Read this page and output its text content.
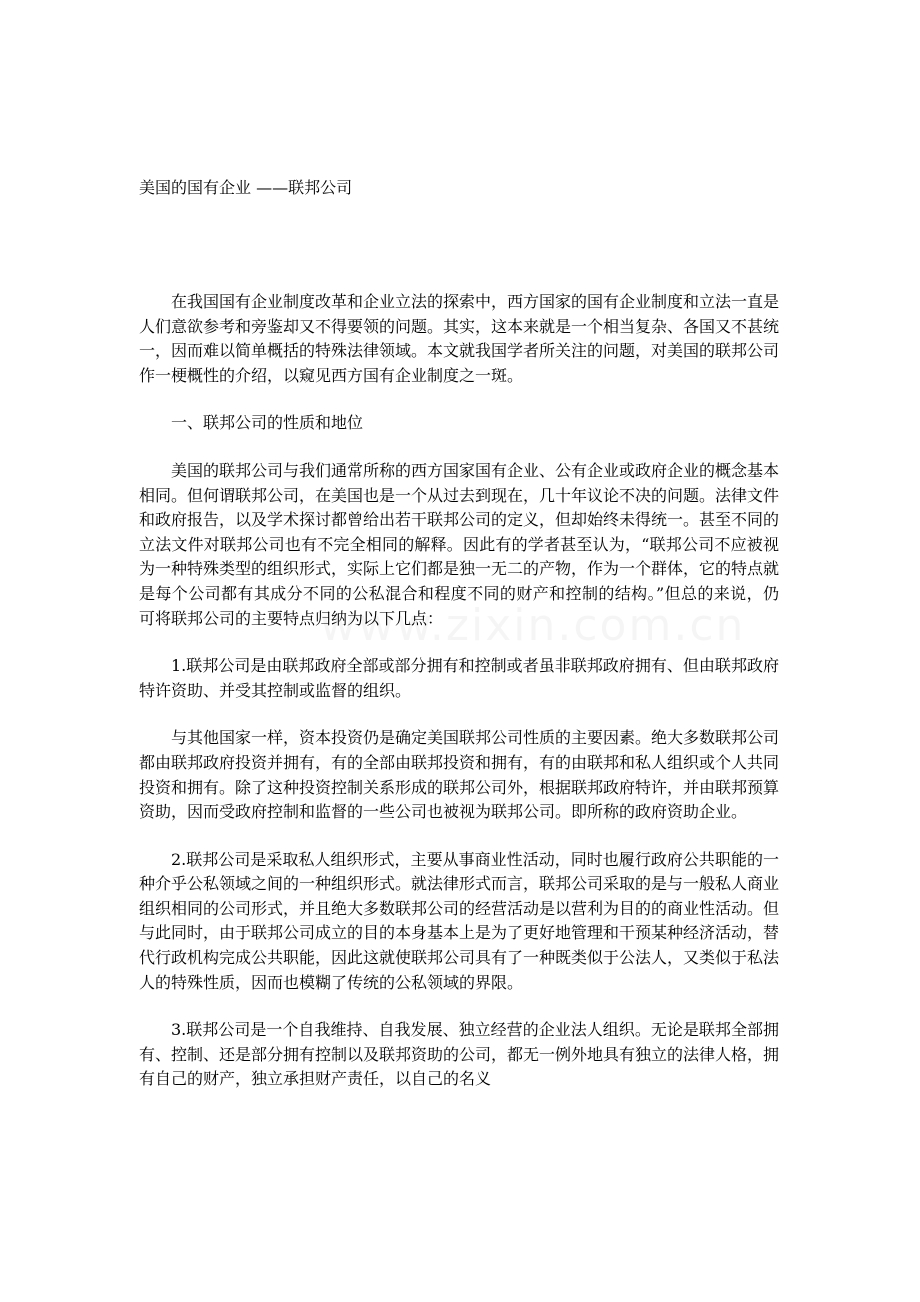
美国的国有企业 ——联邦公司

在我国国有企业制度改革和企业立法的探索中，西方国家的国有企业制度和立法一直是人们意欲参考和旁鉴却又不得要领的问题。其实，这本来就是一个相当复杂、各国又不甚统一，因而难以简单概括的特殊法律领域。本文就我国学者所关注的问题，对美国的联邦公司作一梗概性的介绍，以窥见西方国有企业制度之一斑。

一、联邦公司的性质和地位

美国的联邦公司与我们通常所称的西方国家国有企业、公有企业或政府企业的概念基本相同。但何谓联邦公司，在美国也是一个从过去到现在，几十年议论不决的问题。法律文件和政府报告，以及学术探讨都曾给出若干联邦公司的定义，但却始终未得统一。甚至不同的立法文件对联邦公司也有不完全相同的解释。因此有的学者甚至认为，“联邦公司不应被视为一种特殊类型的组织形式，实际上它们都是独一无二的产物，作为一个群体，它的特点就是每个公司都有其成分不同的公私混合和程度不同的财产和控制的结构。”但总的来说，仍可将联邦公司的主要特点归纳为以下几点：

1.联邦公司是由联邦政府全部或部分拥有和控制或者虽非联邦政府拥有、但由联邦政府特许资助、并受其控制或监督的组织。

与其他国家一样，资本投资仍是确定美国联邦公司性质的主要因素。绝大多数联邦公司都由联邦政府投资并拥有，有的全部由联邦投资和拥有，有的由联邦和私人组织或个人共同投资和拥有。除了这种投资控制关系形成的联邦公司外，根据联邦政府特许，并由联邦预算资助，因而受政府控制和监督的一些公司也被视为联邦公司。即所称的政府资助企业。

2.联邦公司是采取私人组织形式，主要从事商业性活动，同时也履行政府公共职能的一种介乎公私领域之间的一种组织形式。就法律形式而言，联邦公司采取的是与一般私人商业组织相同的公司形式，并且绝大多数联邦公司的经营活动是以营利为目的的商业性活动。但与此同时，由于联邦公司成立的目的本身基本上是为了更好地管理和干预某种经济活动，替代行政机构完成公共职能，因此这就使联邦公司具有了一种既类似于公法人，又类似于私法人的特殊性质，因而也模糊了传统的公私领域的界限。

3.联邦公司是一个自我维持、自我发展、独立经营的企业法人组织。无论是联邦全部拥有、控制、还是部分拥有控制以及联邦资助的公司，都无一例外地具有独立的法律人格，拥有自己的财产，独立承担财产责任，以自己的名义
